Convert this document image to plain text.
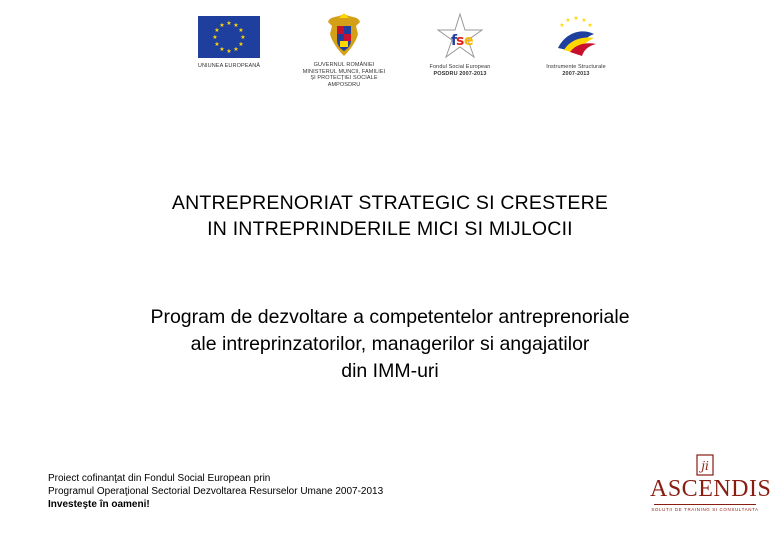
★ ★
★
★
★
★
★
★
★
★
★
★
UNIUNEA EUROPEANĂ	GUVERNUL ROMÂNIEI
MINISTERUL MUNCII, FAMILIEI
ȘI PROTECȚIEI SOCIALE
AMPOSDRU
f
s e
Fondul Social European
POSDRU 2007-2013
★ ★
★
★
★
Instrumente Structurale
2007-2013
ANTREPRENORIAT STRATEGIC SI CRESTERE
IN INTREPRINDERILE MICI SI MIJLOCII
Program de dezvoltare a competentelor antreprenoriale
ale intreprinzatorilor, managerilor si angajatilor
din IMM-uri
Proiect cofinanţat din Fondul Social European prin
Programul Operaţional Sectorial Dezvoltarea Resurselor Umane 2007-2013
Investeşte în oameni!
ji
ASCENDIS
SOLUTII DE TRAINING SI CONSULTANTA
